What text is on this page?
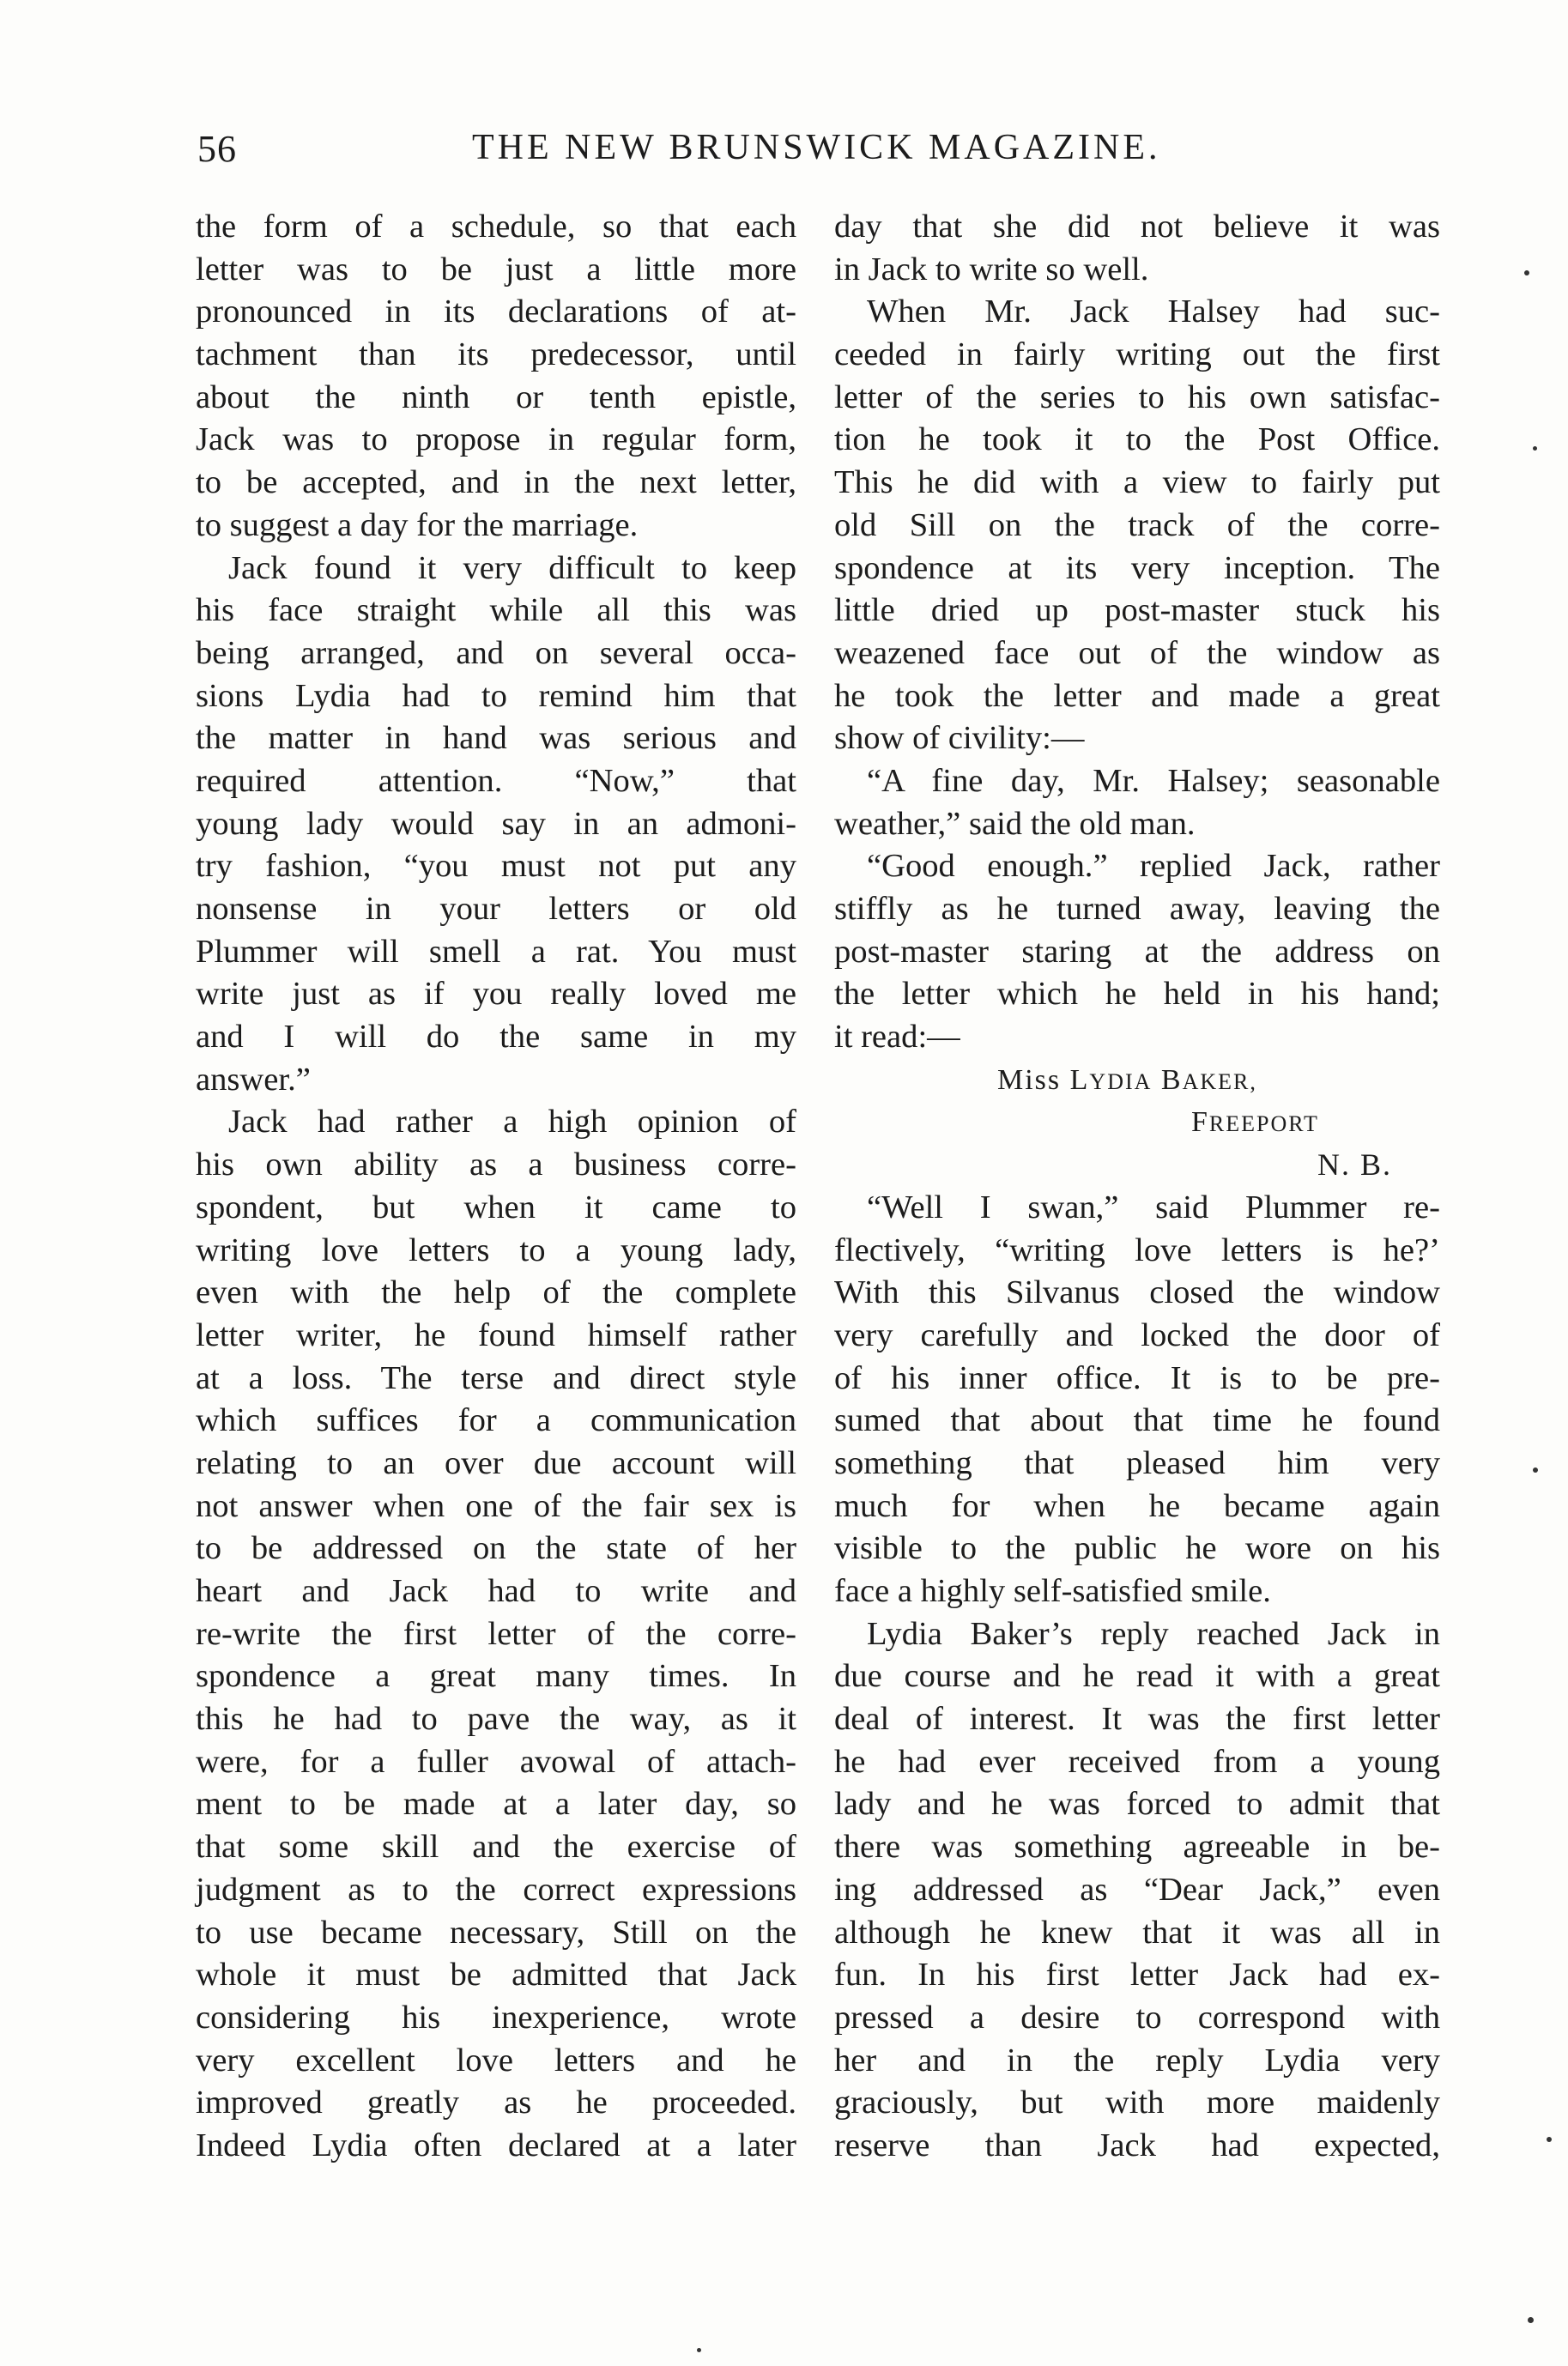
56	THE NEW BRUNSWICK MAGAZINE.
the form of a schedule, so that each
letter was to be just a little more
pronounced in its declarations of at-
tachment than its predecessor, until
about the ninth or tenth epistle,
Jack was to propose in regular form,
to be accepted, and in the next letter,
to suggest a day for the marriage.
Jack found it very difficult to keep
his face straight while all this was
being arranged, and on several occa-
sions Lydia had to remind him that
the matter in hand was serious and
required attention. “Now,” that
young lady would say in an admoni-
try fashion, “you must not put any
nonsense in your letters or old
Plummer will smell a rat. You must
write just as if you really loved me
and I will do the same in my
answer.”
Jack had rather a high opinion of
his own ability as a business corre-
spondent, but when it came to
writing love letters to a young lady,
even with the help of the complete
letter writer, he found himself rather
at a loss. The terse and direct style
which suffices for a communication
relating to an over due account will
not answer when one of the fair sex is
to be addressed on the state of her
heart and Jack had to write and
re-write the first letter of the corre-
spondence a great many times. In
this he had to pave the way, as it
were, for a fuller avowal of attach-
ment to be made at a later day, so
that some skill and the exercise of
judgment as to the correct expressions
to use became necessary, Still on the
whole it must be admitted that Jack
considering his inexperience, wrote
very excellent love letters and he
improved greatly as he proceeded.
Indeed Lydia often declared at a later
day that she did not believe it was
in Jack to write so well.
When Mr. Jack Halsey had suc-
ceeded in fairly writing out the first
letter of the series to his own satisfac-
tion he took it to the Post Office.
This he did with a view to fairly put
old Sill on the track of the corre-
spondence at its very inception. The
little dried up post-master stuck his
weazened face out of the window as
he took the letter and made a great
show of civility:—
“A fine day, Mr. Halsey; seasonable
weather,” said the old man.
“Good enough.” replied Jack, rather
stiffly as he turned away, leaving the
post-master staring at the address on
the letter which he held in his hand;
it read:—
Miss LYDIA BAKER,
FREEPORT
N. B.
“Well I swan,” said Plummer re-
flectively, “writing love letters is he?’
With this Silvanus closed the window
very carefully and locked the door of
of his inner office. It is to be pre-
sumed that about that time he found
something that pleased him very
much for when he became again
visible to the public he wore on his
face a highly self-satisfied smile.
Lydia Baker’s reply reached Jack in
due course and he read it with a great
deal of interest. It was the first letter
he had ever received from a young
lady and he was forced to admit that
there was something agreeable in be-
ing addressed as “Dear Jack,” even
although he knew that it was all in
fun. In his first letter Jack had ex-
pressed a desire to correspond with
her and in the reply Lydia very
graciously, but with more maidenly
reserve than Jack had expected,
